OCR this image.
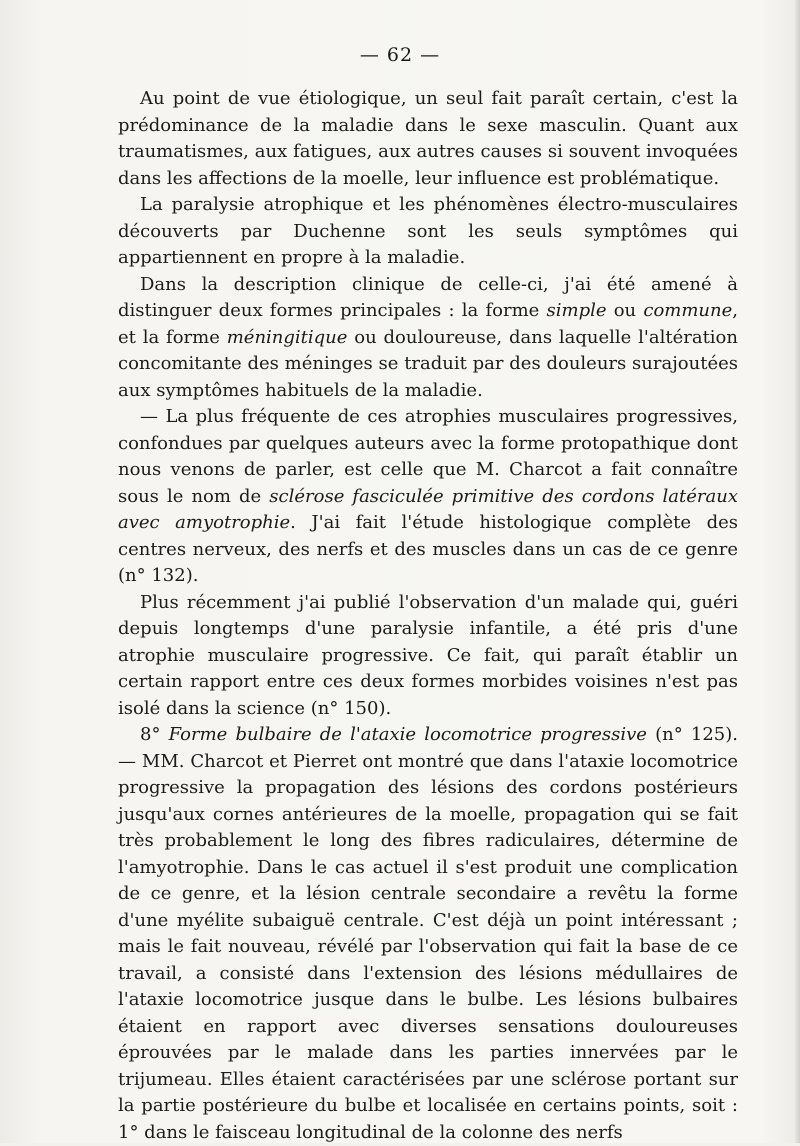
— 62 —

Au point de vue étiologique, un seul fait paraît certain, c'est la prédominance de la maladie dans le sexe masculin. Quant aux traumatismes, aux fatigues, aux autres causes si souvent invoquées dans les affections de la moelle, leur influence est problématique.

La paralysie atrophique et les phénomènes électro-musculaires découverts par Duchenne sont les seuls symptômes qui appartiennent en propre à la maladie.

Dans la description clinique de celle-ci, j'ai été amené à distinguer deux formes principales : la forme simple ou commune, et la forme méningitique ou douloureuse, dans laquelle l'altération concomitante des méninges se traduit par des douleurs surajoutées aux symptômes habituels de la maladie.

— La plus fréquente de ces atrophies musculaires progressives, confondues par quelques auteurs avec la forme protopathique dont nous venons de parler, est celle que M. Charcot a fait connaître sous le nom de sclérose fasciculée primitive des cordons latéraux avec amyotrophie. J'ai fait l'étude histologique complète des centres nerveux, des nerfs et des muscles dans un cas de ce genre (n° 132).

Plus récemment j'ai publié l'observation d'un malade qui, guéri depuis longtemps d'une paralysie infantile, a été pris d'une atrophie musculaire progressive. Ce fait, qui paraît établir un certain rapport entre ces deux formes morbides voisines n'est pas isolé dans la science (n° 150).

8° Forme bulbaire de l'ataxie locomotrice progressive (n° 125). — MM. Charcot et Pierret ont montré que dans l'ataxie locomotrice progressive la propagation des lésions des cordons postérieurs jusqu'aux cornes antérieures de la moelle, propagation qui se fait très probablement le long des fibres radiculaires, détermine de l'amyotrophie. Dans le cas actuel il s'est produit une complication de ce genre, et la lésion centrale secondaire a revêtu la forme d'une myélite subaiguë centrale. C'est déjà un point intéressant ; mais le fait nouveau, révélé par l'observation qui fait la base de ce travail, a consisté dans l'extension des lésions médullaires de l'ataxie locomotrice jusque dans le bulbe. Les lésions bulbaires étaient en rapport avec diverses sensations douloureuses éprouvées par le malade dans les parties innervées par le trijumeau. Elles étaient caractérisées par une sclérose portant sur la partie postérieure du bulbe et localisée en certains points, soit : 1° dans le faisceau longitudinal de la colonne des nerfs
